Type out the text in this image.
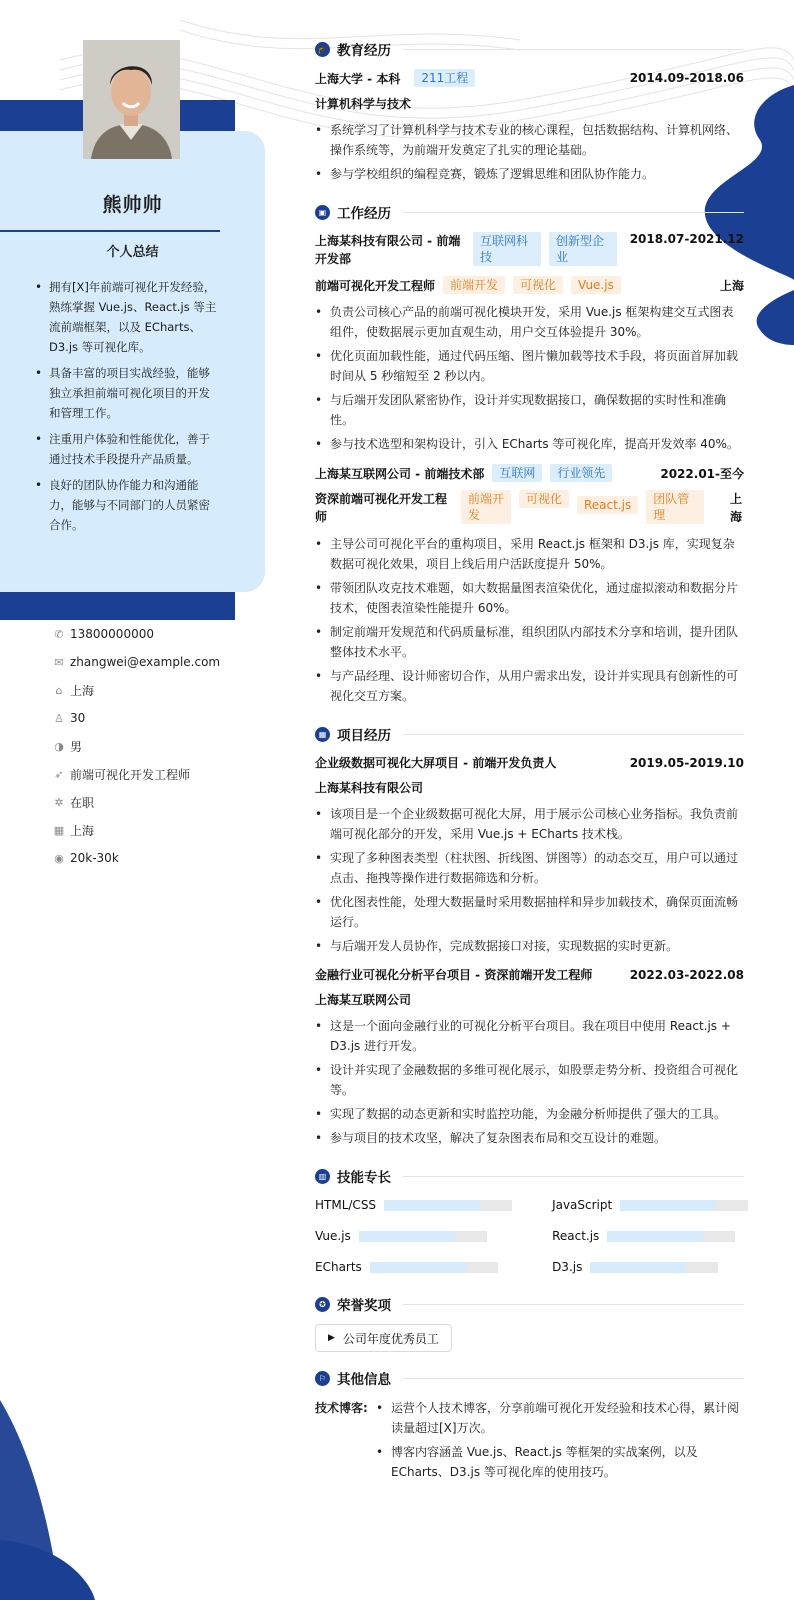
熊帅帅
个人总结
• 拥有[X]年前端可视化开发经验，熟练掌握 Vue.js、React.js 等主流前端框架，以及 ECharts、D3.js 等可视化库。
• 具备丰富的项目实战经验，能够独立承担前端可视化项目的开发和管理工作。
• 注重用户体验和性能优化，善于通过技术手段提升产品质量。
• 良好的团队协作能力和沟通能力，能够与不同部门的人员紧密合作。
✆ 13800000000
✉ zhangwei@example.com
⌂ 上海
♙ 30
◑ 男
➶ 前端可视化开发工程师
✲ 在职
▦ 上海
◉ 20k-30k
🎓 教育经历
上海大学 - 本科	211工程	2014.09-2018.06
计算机科学与技术
• 系统学习了计算机科学与技术专业的核心课程，包括数据结构、计算机网络、操作系统等，为前端开发奠定了扎实的理论基础。
• 参与学校组织的编程竞赛，锻炼了逻辑思维和团队协作能力。
▣ 工作经历
上海某科技有限公司 - 前端开发部
互联网科技
创新型企业
2018.07-2021.12
前端可视化开发工程师	前端开发	可视化	Vue.js	上海
• 负责公司核心产品的前端可视化模块开发，采用 Vue.js 框架构建交互式图表组件，使数据展示更加直观生动，用户交互体验提升 30%。
• 优化页面加载性能，通过代码压缩、图片懒加载等技术手段，将页面首屏加载时间从 5 秒缩短至 2 秒以内。
• 与后端开发团队紧密协作，设计并实现数据接口，确保数据的实时性和准确性。
• 参与技术选型和架构设计，引入 ECharts 等可视化库，提高开发效率 40%。
上海某互联网公司 - 前端技术部	互联网	行业领先	2022.01-至今
资深前端可视化开发工程师
前端开发
可视化	React.js	团队管理
上海
• 主导公司可视化平台的重构项目，采用 React.js 框架和 D3.js 库，实现复杂数据可视化效果，项目上线后用户活跃度提升 50%。
• 带领团队攻克技术难题，如大数据量图表渲染优化，通过虚拟滚动和数据分片技术，使图表渲染性能提升 60%。
• 制定前端开发规范和代码质量标准，组织团队内部技术分享和培训，提升团队整体技术水平。
• 与产品经理、设计师密切合作，从用户需求出发，设计并实现具有创新性的可视化交互方案。
▦ 项目经历
企业级数据可视化大屏项目 - 前端开发负责人	2019.05-2019.10
上海某科技有限公司
• 该项目是一个企业级数据可视化大屏，用于展示公司核心业务指标。我负责前端可视化部分的开发，采用 Vue.js + ECharts 技术栈。
• 实现了多种图表类型（柱状图、折线图、饼图等）的动态交互，用户可以通过点击、拖拽等操作进行数据筛选和分析。
• 优化图表性能，处理大数据量时采用数据抽样和异步加载技术，确保页面流畅运行。
• 与后端开发人员协作，完成数据接口对接，实现数据的实时更新。
金融行业可视化分析平台项目 - 资深前端开发工程师	2022.03-2022.08
上海某互联网公司
• 这是一个面向金融行业的可视化分析平台项目。我在项目中使用 React.js + D3.js 进行开发。
• 设计并实现了金融数据的多维可视化展示，如股票走势分析、投资组合可视化等。
• 实现了数据的动态更新和实时监控功能，为金融分析师提供了强大的工具。
• 参与项目的技术攻坚，解决了复杂图表布局和交互设计的难题。
▥ 技能专长
HTML/CSS	JavaScript
Vue.js	React.js
ECharts	D3.js
✪ 荣誉奖项
▶ 公司年度优秀员工
⚐ 其他信息
技术博客:
•	运营个人技术博客，分享前端可视化开发经验和技术心得，累计阅读量超过[X]万次。
• 博客内容涵盖 Vue.js、React.js 等框架的实战案例，以及 ECharts、D3.js 等可视化库的使用技巧。
